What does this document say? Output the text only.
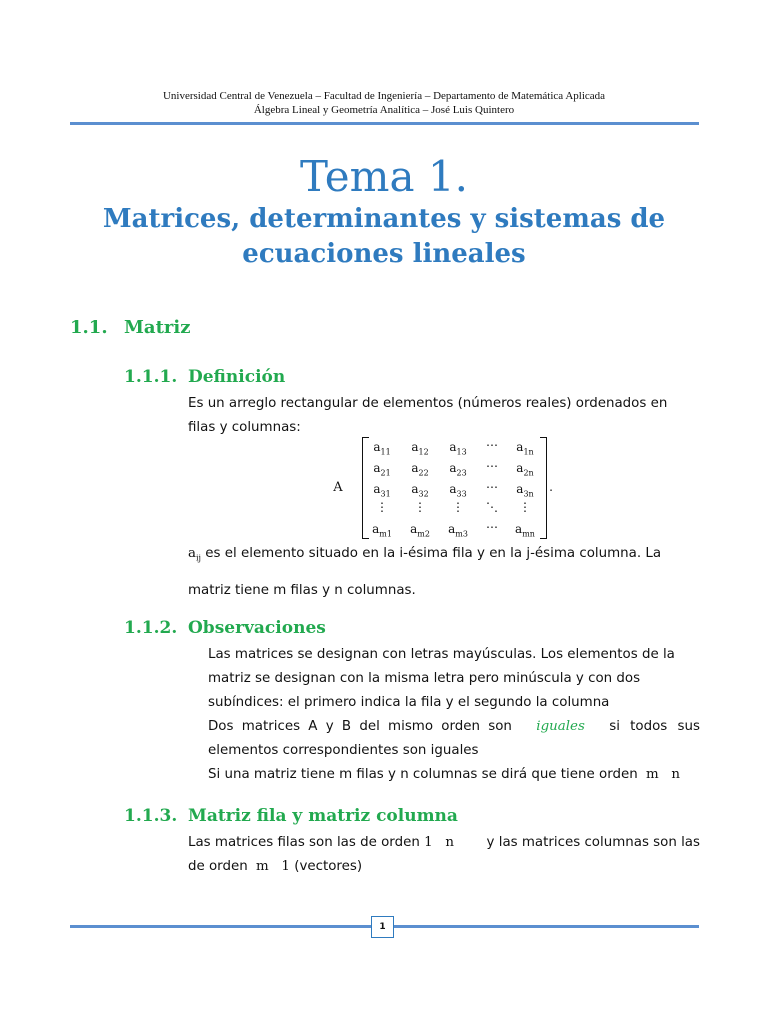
Universidad Central de Venezuela – Facultad de Ingeniería – Departamento de Matemática Aplicada
Álgebra Lineal y Geometría Analítica – José Luis Quintero
Tema 1.
Matrices, determinantes y sistemas de
ecuaciones lineales
1.1. Matriz
1.1.1. Definición
Es un arreglo rectangular de elementos (números reales) ordenados en
filas y columnas:
A
$a_{11}$	$a_{12}$	$a_{13}$	⋯	$a_{1n}$
$a_{21}$	$a_{22}$	$a_{23}$	⋯	$a_{2n}$
$a_{31}$	$a_{32}$	$a_{33}$	⋯	$a_{3n}$
⋮	⋮	⋮	⋱	⋮
$a_{m1}$	$a_{m2}$	$a_{m3}$	⋯	$a_{mn}$
.
$a_{ij}$ es el elemento situado en la i-ésima fila y en la j-ésima columna. La
matriz tiene m filas y n columnas.
1.1.2. Observaciones
Las matrices se designan con letras mayúsculas. Los elementos de la
matriz se designan con la misma letra pero minúscula y con dos
subíndices: el primero indica la fila y el segundo la columna
Dos matrices A y B del mismo orden son iguales si todos sus
elementos correspondientes son iguales
Si una matriz tiene m filas y n columnas se dirá que tiene orden m   n
1.1.3. Matriz fila y matriz columna
Las matrices filas son las de orden 1   n y las matrices columnas son las
de orden m   1 (vectores)
1
